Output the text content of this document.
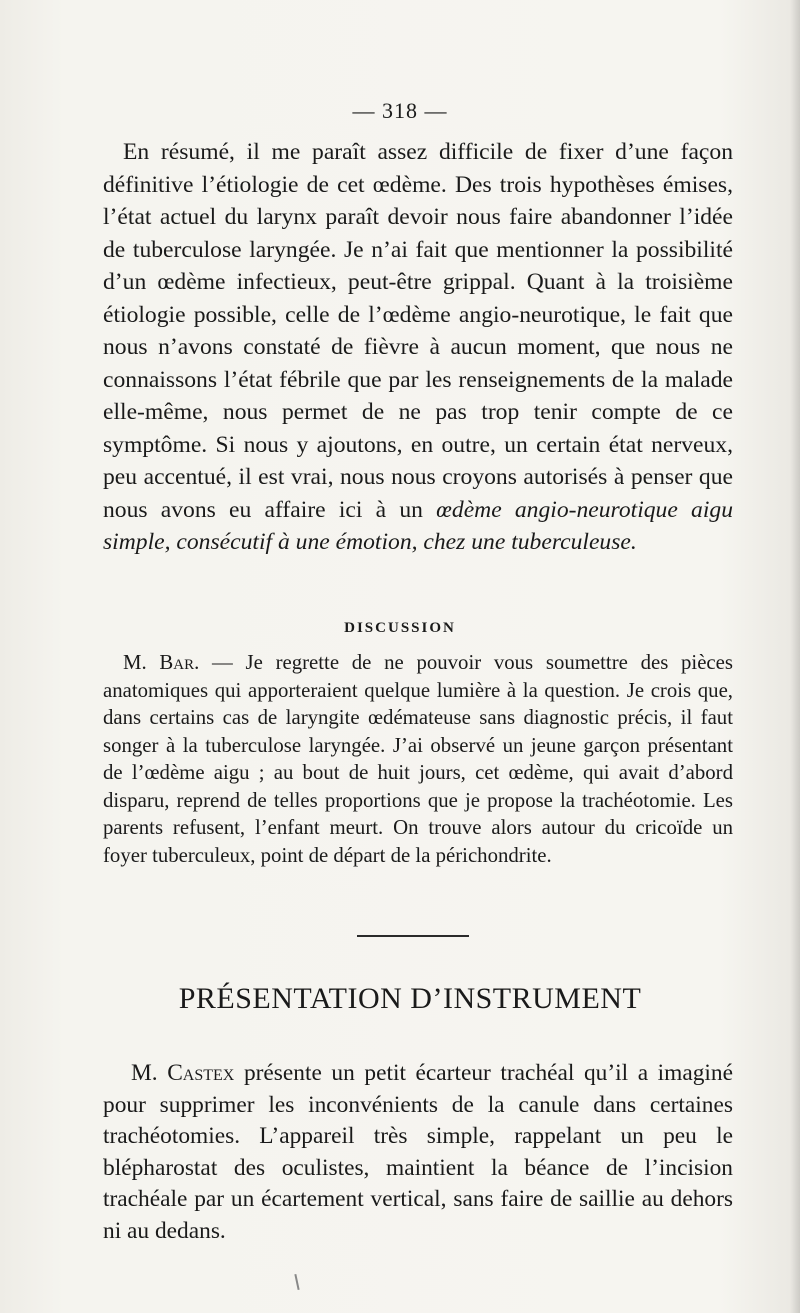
— 318 —

En résumé, il me paraît assez difficile de fixer d’une façon définitive l’étiologie de cet œdème. Des trois hypothèses émises, l’état actuel du larynx paraît devoir nous faire abandonner l’idée de tuberculose laryngée. Je n’ai fait que mentionner la possibilité d’un œdème infectieux, peut-être grippal. Quant à la troisième étiologie possible, celle de l’œdème angio-neurotique, le fait que nous n’avons constaté de fièvre à aucun moment, que nous ne connaissons l’état fébrile que par les renseignements de la malade elle-même, nous permet de ne pas trop tenir compte de ce symptôme. Si nous y ajoutons, en outre, un certain état nerveux, peu accentué, il est vrai, nous nous croyons autorisés à penser que nous avons eu affaire ici à un œdème angio-neurotique aigu simple, consécutif à une émotion, chez une tuberculeuse.

DISCUSSION

M. Bar. — Je regrette de ne pouvoir vous soumettre des pièces anatomiques qui apporteraient quelque lumière à la question. Je crois que, dans certains cas de laryngite œdémateuse sans diagnostic précis, il faut songer à la tuberculose laryngée. J’ai observé un jeune garçon présentant de l’œdème aigu ; au bout de huit jours, cet œdème, qui avait d’abord disparu, reprend de telles proportions que je propose la trachéotomie. Les parents refusent, l’enfant meurt. On trouve alors autour du cricoïde un foyer tuberculeux, point de départ de la périchondrite.

PRÉSENTATION D’INSTRUMENT

M. Castex présente un petit écarteur trachéal qu’il a imaginé pour supprimer les inconvénients de la canule dans certaines trachéotomies. L’appareil très simple, rappelant un peu le blépharostat des oculistes, maintient la béance de l’incision trachéale par un écartement vertical, sans faire de saillie au dehors ni au dedans.
